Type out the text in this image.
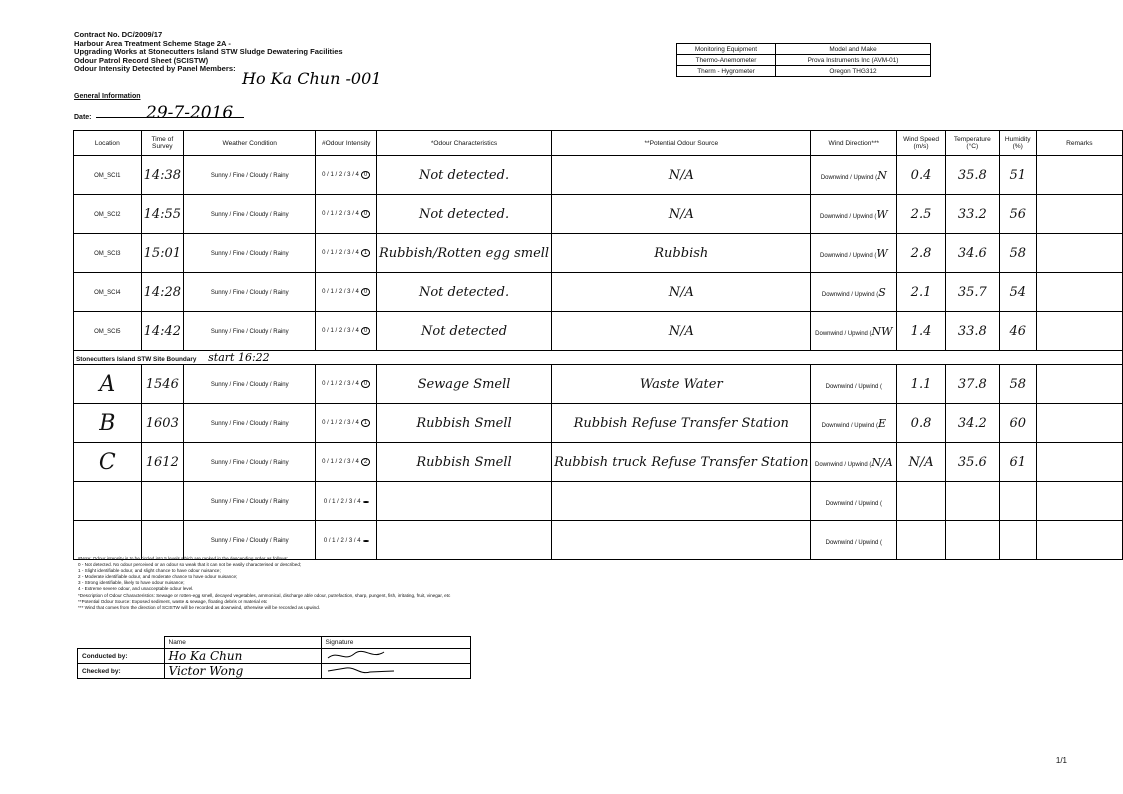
Contract No. DC/2009/17
Harbour Area Treatment Scheme Stage 2A -
Upgrading Works at Stonecutters Island STW Sludge Dewatering Facilities
Odour Patrol Record Sheet (SCISTW)
Odour Intensity Detected by Panel Members:
Ho Ka Chun -001
General Information
Date:	29-7-2016
Monitoring Equipment	Model and Make
Thermo-Anemometer	Prova Instruments Inc (AVM-01)
Therm - Hygrometer	Oregon THG312
Location	Time of Survey	Weather Condition	#Odour Intensity	*Odour Characteristics	**Potential Odour Source	Wind Direction***	Wind Speed (m/s)	Temperature (°C)	Humidity (%)	Remarks
OM_SCI1	14:38	Sunny / Fine / Cloudy / Rainy	0 / 1 / 2 / 3 / 4 0	Not detected.	N/A	Downwind / Upwind (N	0.4	35.8	51	
OM_SCI2	14:55	Sunny / Fine / Cloudy / Rainy	0 / 1 / 2 / 3 / 4 0	Not detected.	N/A	Downwind / Upwind (W	2.5	33.2	56	
OM_SCI3	15:01	Sunny / Fine / Cloudy / Rainy	0 / 1 / 2 / 3 / 4 1	Rubbish/Rotten egg smell	Rubbish	Downwind / Upwind (W	2.8	34.6	58	
OM_SCI4	14:28	Sunny / Fine / Cloudy / Rainy	0 / 1 / 2 / 3 / 4 0	Not detected.	N/A	Downwind / Upwind (S	2.1	35.7	54	
OM_SCI5	14:42	Sunny / Fine / Cloudy / Rainy	0 / 1 / 2 / 3 / 4 0	Not detected	N/A	Downwind / Upwind (NW	1.4	33.8	46	
Stonecutters Island STW Site Boundary start 16:22										
A	1546	Sunny / Fine / Cloudy / Rainy	0 / 1 / 2 / 3 / 4 0	Sewage Smell	Waste Water	Downwind / Upwind (	1.1	37.8	58	
B	1603	Sunny / Fine / Cloudy / Rainy	0 / 1 / 2 / 3 / 4 1	Rubbish Smell	Rubbish Refuse Transfer Station	Downwind / Upwind (E	0.8	34.2	60	
C	1612	Sunny / Fine / Cloudy / Rainy	0 / 1 / 2 / 3 / 4 2	Rubbish Smell	Rubbish truck Refuse Transfer Station	Downwind / Upwind (N/A	N/A	35.6	61	
		Sunny / Fine / Cloudy / Rainy	0 / 1 / 2 / 3 / 4			Downwind / Upwind (				
		Sunny / Fine / Cloudy / Rainy	0 / 1 / 2 / 3 / 4			Downwind / Upwind (				
#Note: Odour intensity is to be circled into 5 levels which are ranked in the descending order as follows:
0 - Not detected. No odour perceived or an odour so weak that it can not be easily characterised or described;
1 - Slight identifiable odour, and slight chance to have odour nuisance;
2 - Moderate identifiable odour, and moderate chance to have odour nuisance;
3 - Strong identifiable, likely to have odour nuisance;
4 - Extreme severe odour, and unacceptable odour level.
*Description of Odour Characteristics: Sewage or rotten-egg smell, decayed vegetables, ammonical, discharge able odour, putrefaction, sharp, pungent, fish, irritating, fruit, vinegar, etc
**Potential Odour Source: Exposed sediment, waste & sewage, floating debris or material etc
*** Wind that comes from the direction of SCISTW will be recorded as downwind, otherwise will be recorded as upwind.
	Name	Signature
Conducted by:	Ho Ka Chun	
Checked by:	Victor Wong	
1/1
